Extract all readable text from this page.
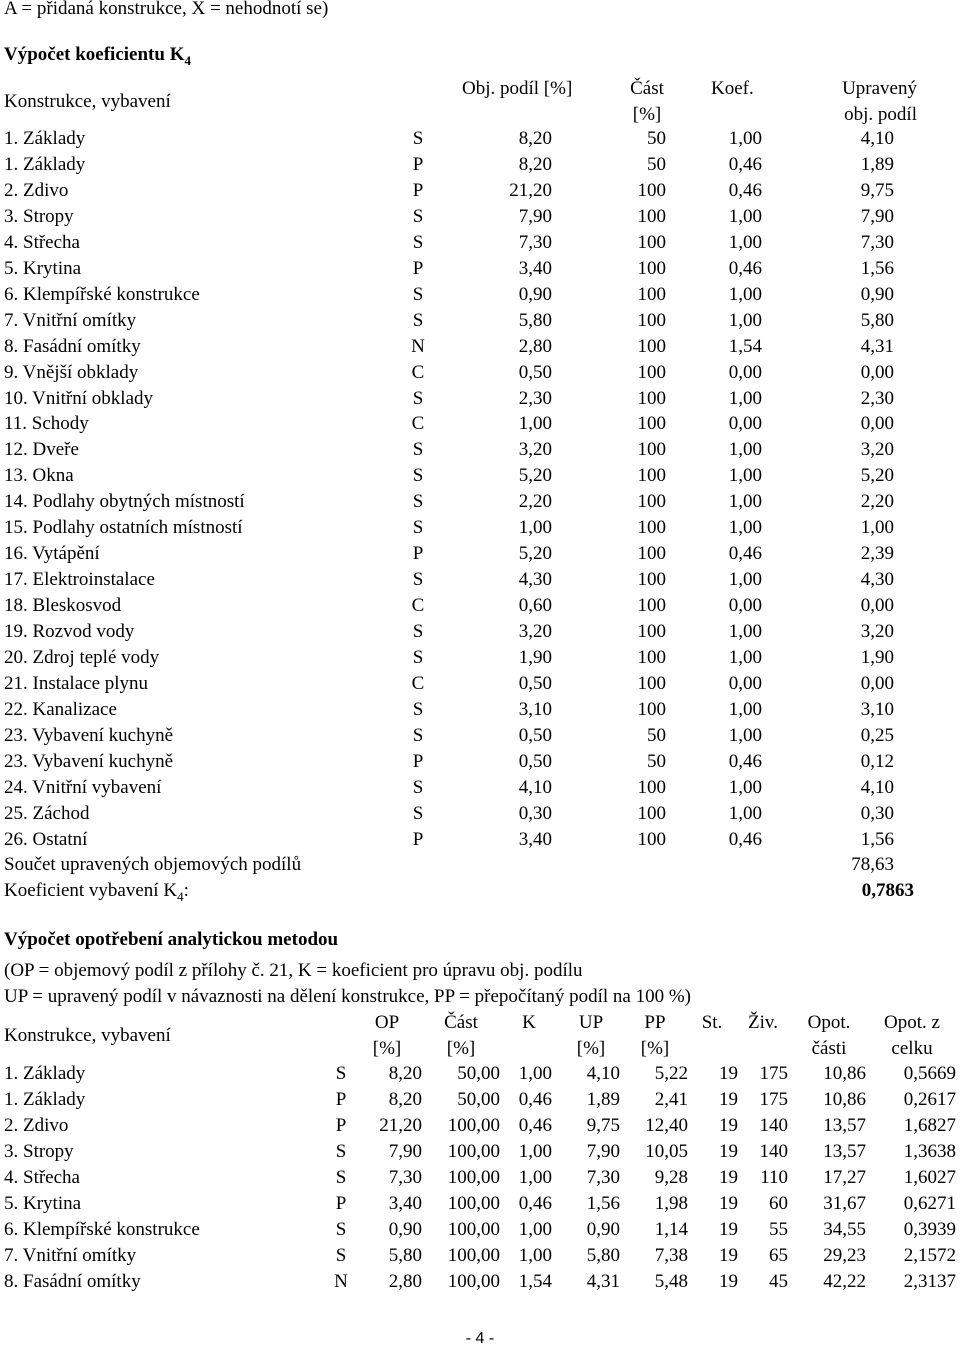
A = přidaná konstrukce, X = nehodnotí se)
Výpočet koeficientu $K_4$
Konstrukce, vybavení
Obj. podíl [%]	Část
[%]
Koef.	Upravený
obj. podíl
1. Základy	S	8,20	50	1,00	4,10
1. Základy	P	8,20	50	0,46	1,89
2. Zdivo	P	21,20	100	0,46	9,75
3. Stropy	S	7,90	100	1,00	7,90
4. Střecha	S	7,30	100	1,00	7,30
5. Krytina	P	3,40	100	0,46	1,56
6. Klempířské konstrukce	S	0,90	100	1,00	0,90
7. Vnitřní omítky	S	5,80	100	1,00	5,80
8. Fasádní omítky	N	2,80	100	1,54	4,31
9. Vnější obklady	C	0,50	100	0,00	0,00
10. Vnitřní obklady	S	2,30	100	1,00	2,30
11. Schody	C	1,00	100	0,00	0,00
12. Dveře	S	3,20	100	1,00	3,20
13. Okna	S	5,20	100	1,00	5,20
14. Podlahy obytných místností	S	2,20	100	1,00	2,20
15. Podlahy ostatních místností	S	1,00	100	1,00	1,00
16. Vytápění	P	5,20	100	0,46	2,39
17. Elektroinstalace	S	4,30	100	1,00	4,30
18. Bleskosvod	C	0,60	100	0,00	0,00
19. Rozvod vody	S	3,20	100	1,00	3,20
20. Zdroj teplé vody	S	1,90	100	1,00	1,90
21. Instalace plynu	C	0,50	100	0,00	0,00
22. Kanalizace	S	3,10	100	1,00	3,10
23. Vybavení kuchyně	S	0,50	50	1,00	0,25
23. Vybavení kuchyně	P	0,50	50	0,46	0,12
24. Vnitřní vybavení	S	4,10	100	1,00	4,10
25. Záchod	S	0,30	100	1,00	0,30
26. Ostatní	P	3,40	100	0,46	1,56
Součet upravených objemových podílů	78,63
Koeficient vybavení $K_4$:	0,7863
Výpočet opotřebení analytickou metodou
(OP = objemový podíl z přílohy č. 21, K = koeficient pro úpravu obj. podílu
UP = upravený podíl v návaznosti na dělení konstrukce, PP = přepočítaný podíl na 100 %)
Konstrukce, vybavení
OP
[%]
Část
[%]
K	UP
[%]
PP
[%]
St.	Živ.	Opot.
části
Opot. z
celku
1. Základy	S	8,20	50,00 1,00	4,10	5,22	19	175	10,86	0,5669
1. Základy	P	8,20	50,00 0,46	1,89	2,41	19	175	10,86	0,2617
2. Zdivo	P	21,20	100,00 0,46	9,75	12,40	19	140	13,57	1,6827
3. Stropy	S	7,90	100,00 1,00	7,90	10,05	19	140	13,57	1,3638
4. Střecha	S	7,30	100,00 1,00	7,30	9,28	19	110	17,27	1,6027
5. Krytina	P	3,40	100,00 0,46	1,56	1,98	19	60	31,67	0,6271
6. Klempířské konstrukce	S	0,90	100,00 1,00	0,90	1,14	19	55	34,55	0,3939
7. Vnitřní omítky	S	5,80	100,00 1,00	5,80	7,38	19	65	29,23	2,1572
8. Fasádní omítky	N	2,80	100,00 1,54	4,31	5,48	19	45	42,22	2,3137
- 4 -
